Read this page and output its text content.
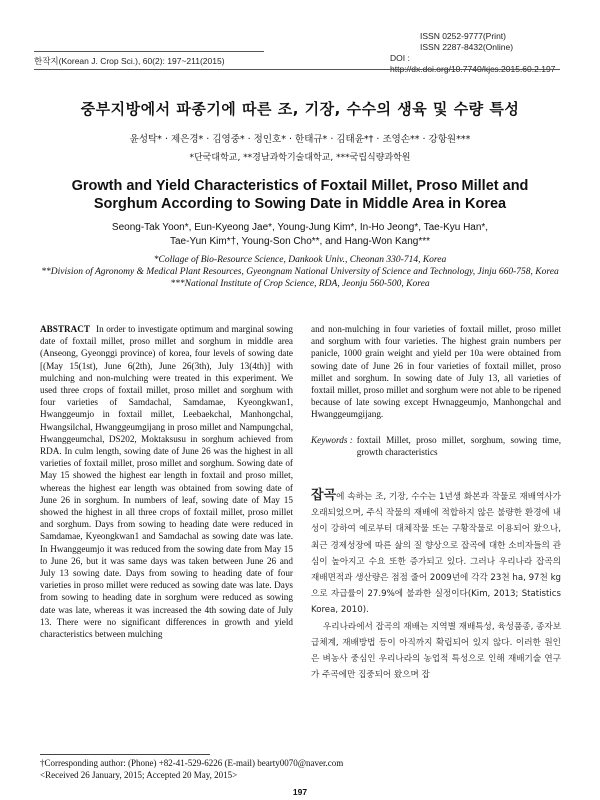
한작지(Korean J. Crop Sci.), 60(2): 197~211(2015)
ISSN 0252-9777(Print)
ISSN 2287-8432(Online)
DOI : http://dx.doi.org/10.7740/kjcs.2015.60.2.197
중부지방에서 파종기에 따른 조, 기장, 수수의 생육 및 수량 특성
윤성탁* · 제은경* · 김영중* · 정인호* · 한태규* · 김태윤*† · 조영손** · 강항원***
*단국대학교, **경남과학기술대학교, ***국립식량과학원
Growth and Yield Characteristics of Foxtail Millet, Proso Millet and Sorghum According to Sowing Date in Middle Area in Korea
Seong-Tak Yoon*, Eun-Kyeong Jae*, Young-Jung Kim*, In-Ho Jeong*, Tae-Kyu Han*,
Tae-Yun Kim*†, Young-Son Cho**, and Hang-Won Kang***
*Collage of Bio-Resource Science, Dankook Univ., Cheonan 330-714, Korea
**Division of Agronomy & Medical Plant Resources, Gyeongnam National University of Science and Technology, Jinju 660-758, Korea
***National Institute of Crop Science, RDA, Jeonju 560-500, Korea
ABSTRACT In order to investigate optimum and marginal sowing date of foxtail millet, proso millet and sorghum in middle area (Anseong, Gyeonggi province) of korea, four levels of sowing date [(May 15(1st), June 6(2th), June 26(3th), July 13(4th)] with mulching and non-mulching were treated in this experiment. We used three crops of foxtail millet, proso millet and sorghum with four varieties of Samdachal, Samdamae, Kyeongkwan1, Hwanggeumjo in foxtail millet, Leebaekchal, Manhongchal, Hwangsilchal, Hwanggeumgijang in proso millet and Nampungchal, Hwanggeumchal, DS202, Moktaksusu in sorghum achieved from RDA. In culm length, sowing date of June 26 was the highest in all varieties of foxtail millet, proso millet and sorghum. Sowing date of May 15 showed the highest ear length in foxtail and proso millet, whereas the highest ear length was obtained from sowing date of June 26 in sorghum. In numbers of leaf, sowing date of May 15 showed the highest in all three crops of foxtail millet, proso millet and sorghum. Days from sowing to heading date were reduced in Samdamae, Kyeongkwan1 and Samdachal as sowing date was late. In Hwanggeumjo it was reduced from the sowing date from May 15 to June 26, but it was same days was taken between June 26 and July 13 sowing date. Days from sowing to heading date of four varieties in proso millet were reduced as sowing date was late. Days from sowing to heading date in sorghum were reduced as sowing date was late, whereas it was increased the 4th sowing date of July 13. There were no significant differences in growth and yield characteristics between mulching
and non-mulching in four varieties of foxtail millet, proso millet and sorghum with four varieties. The highest grain numbers per panicle, 1000 grain weight and yield per 10a were obtained from sowing date of June 26 in four varieties of foxtail millet, proso millet and sorghum. In sowing date of July 13, all varieties of foxtail millet, proso millet and sorghum were not able to be ripened because of late sowing except Hwnaggeumjo, Manhongchal and Hwanggeumgijang.
Keywords : foxtail Millet, proso millet, sorghum, sowing time, growth characteristics

잡곡에 속하는 조, 기장, 수수는 1년생 화본과 작물로 재배역사가 오래되었으며, 주식 작물의 재배에 적합하지 않은 불량한 환경에 내성이 강하여 예로부터 대체작물 또는 구황작물로 이용되어 왔으나, 최근 경제성장에 따른 삶의 질 향상으로 잡곡에 대한 소비자들의 관심이 높아지고 수요 또한 증가되고 있다. 그러나 우리나라 잡곡의 재배면적과 생산량은 점점 줄어 2009년에 각각 23천 ha, 97천 kg으로 자급률이 27.9%에 불과한 실정이다(Kim, 2013; Statistics Korea, 2010).

우리나라에서 잡곡의 재배는 지역별 재배특성, 육성품종, 종자보급체계, 재배방법 등이 아직까지 확립되어 있지 않다. 이러한 원인은 벼농사 중심인 우리나라의 농업적 특성으로 인해 재배기술 연구가 주곡에만 집중되어 왔으며 잡

†Corresponding author: (Phone) +82-41-529-6226 (E-mail) bearty0070@naver.com
<Received 26 January, 2015; Accepted 20 May, 2015>
197
